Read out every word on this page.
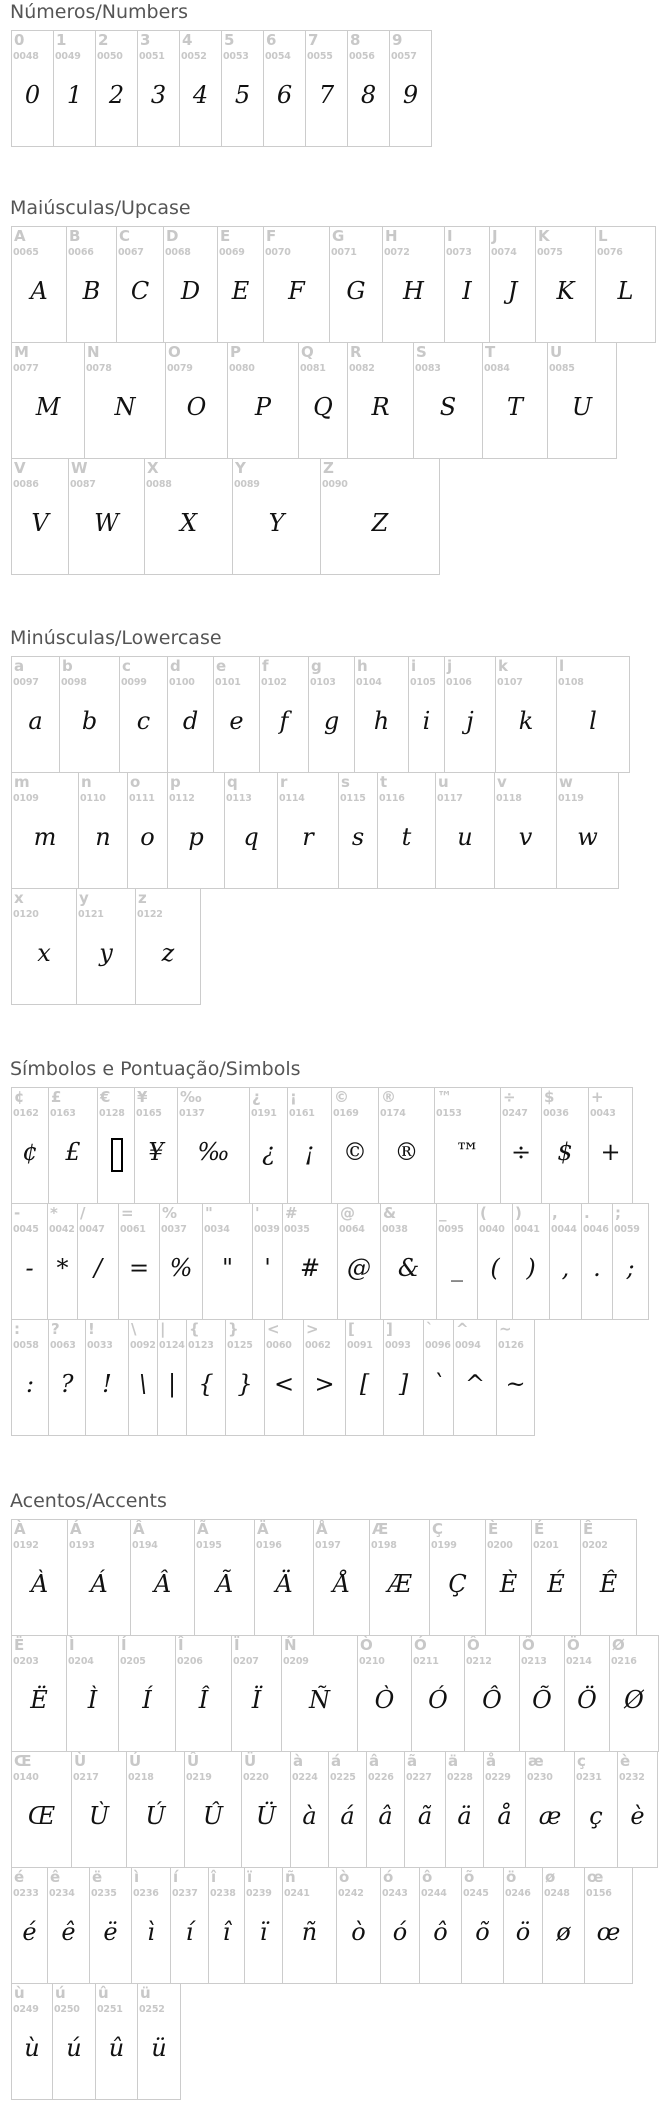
Números/Numbers
0
0048
0
1
0049
1
2
0050
2
3
0051
3
4
0052
4
5
0053
5
6
0054
6
7
0055
7
8
0056
8
9
0057
9
Maiúsculas/Upcase
A
0065
A
B
0066
B
C
0067
C
D
0068
D
E
0069
E
F
0070
F
G
0071
G
H
0072
H
I
0073
I
J
0074
J
K
0075
K
L
0076
L
M
0077
M
N
0078
N
O
0079
O
P
0080
P
Q
0081
Q
R
0082
R
S
0083
S
T
0084
T
U
0085
U
V
0086
V
W
0087
W
X
0088
X
Y
0089
Y
Z
0090
Z
Minúsculas/Lowercase
a
0097
a
b
0098
b
c
0099
c
d
0100
d
e
0101
e
f
0102
f
g
0103
g
h
0104
h
i
0105
i
j
0106
j
k
0107
k
l
0108
l
m
0109
m
n
0110
n
o
0111
o
p
0112
p
q
0113
q
r
0114
r
s
0115
s
t
0116
t
u
0117
u
v
0118
v
w
0119
w
x
0120
x
y
0121
y
z
0122
z
Símbolos e Pontuação/Simbols
¢
0162
¢
£
0163
£
€
0128
¥
0165
¥
‰
0137
‰
¿
0191
¿
¡
0161
¡
©
0169
©
®
0174
®
™
0153
™
÷
0247
÷
$
0036
$
+
0043
+
-
0045
-
*
0042
*
/
0047
/
=
0061
=
%
0037
%
"
0034
"
'
0039
'
#
0035
#
@
0064
@
&
0038
&
_
0095
_
(
0040
(
)
0041
)
,
0044
,
.
0046
.
;
0059
;
:
0058
:
?
0063
?
!
0033
!
\
0092
\
|
0124
|
{
0123
{
}
0125
}
<
0060
<
>
0062
>
[
0091
[
]
0093
]
`
0096
`
^
0094
^
~
0126
~
Acentos/Accents
À
0192
À
Á
0193
Á
Â
0194
Â
Ã
0195
Ã
Ä
0196
Ä
Å
0197
Å
Æ
0198
Æ
Ç
0199
Ç
È
0200
È
É
0201
É
Ê
0202
Ê
Ë
0203
Ë
Ì
0204
Ì
Í
0205
Í
Î
0206
Î
Ï
0207
Ï
Ñ
0209
Ñ
Ò
0210
Ò
Ó
0211
Ó
Ô
0212
Ô
Õ
0213
Õ
Ö
0214
Ö
Ø
0216
Ø
Œ
0140
Œ
Ù
0217
Ù
Ú
0218
Ú
Û
0219
Û
Ü
0220
Ü
à
0224
à
á
0225
á
â
0226
â
ã
0227
ã
ä
0228
ä
å
0229
å
æ
0230
æ
ç
0231
ç
è
0232
è
é
0233
é
ê
0234
ê
ë
0235
ë
ì
0236
ì
í
0237
í
î
0238
î
ï
0239
ï
ñ
0241
ñ
ò
0242
ò
ó
0243
ó
ô
0244
ô
õ
0245
õ
ö
0246
ö
ø
0248
ø
œ
0156
œ
ù
0249
ù
ú
0250
ú
û
0251
û
ü
0252
ü
